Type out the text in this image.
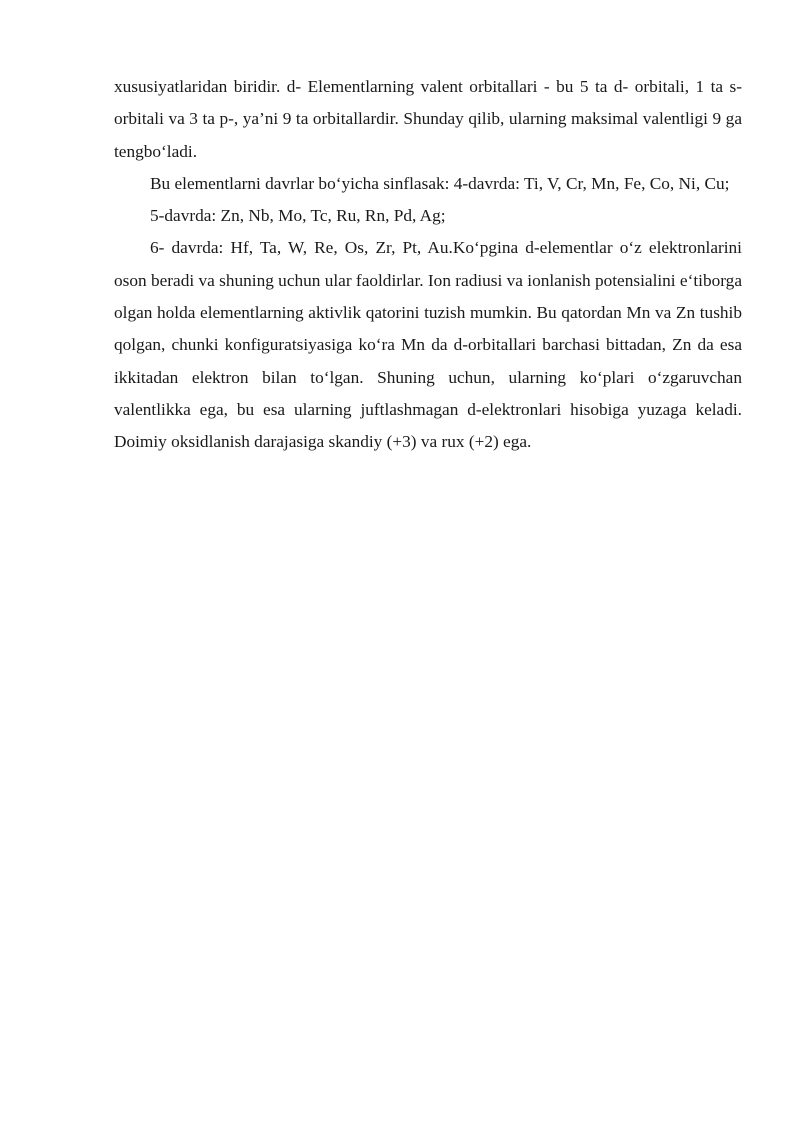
xususiyatlaridan biridir. d- Elementlarning valent orbitallari - bu 5 ta d- orbitali, 1 ta s- orbitali va 3 ta p-, ya’ni 9 ta orbitallardir. Shunday qilib, ularning maksimal valentligi 9 ga tengbo‘ladi.

Bu elementlarni davrlar bo‘yicha sinflasak: 4-davrda: Ti, V, Cr, Mn, Fe, Co, Ni, Cu;

5-davrda: Zn, Nb, Mo, Tc, Ru, Rn, Pd, Ag;

6- davrda: Hf, Ta, W, Re, Os, Zr, Pt, Au.Ko‘pgina d-elementlar o‘z elektronlarini oson beradi va shuning uchun ular faoldirlar. Ion radiusi va ionlanish potensialini e‘tiborga olgan holda elementlarning aktivlik qatorini tuzish mumkin. Bu qatordan Mn va Zn tushib qolgan, chunki konfiguratsiyasiga ko‘ra Mn da d-orbitallari barchasi bittadan, Zn da esa ikkitadan elektron bilan to‘lgan. Shuning uchun, ularning ko‘plari o‘zgaruvchan valentlikka ega, bu esa ularning juftlashmagan d-elektronlari hisobiga yuzaga keladi. Doimiy oksidlanish darajasiga skandiy (+3) va rux (+2) ega.
